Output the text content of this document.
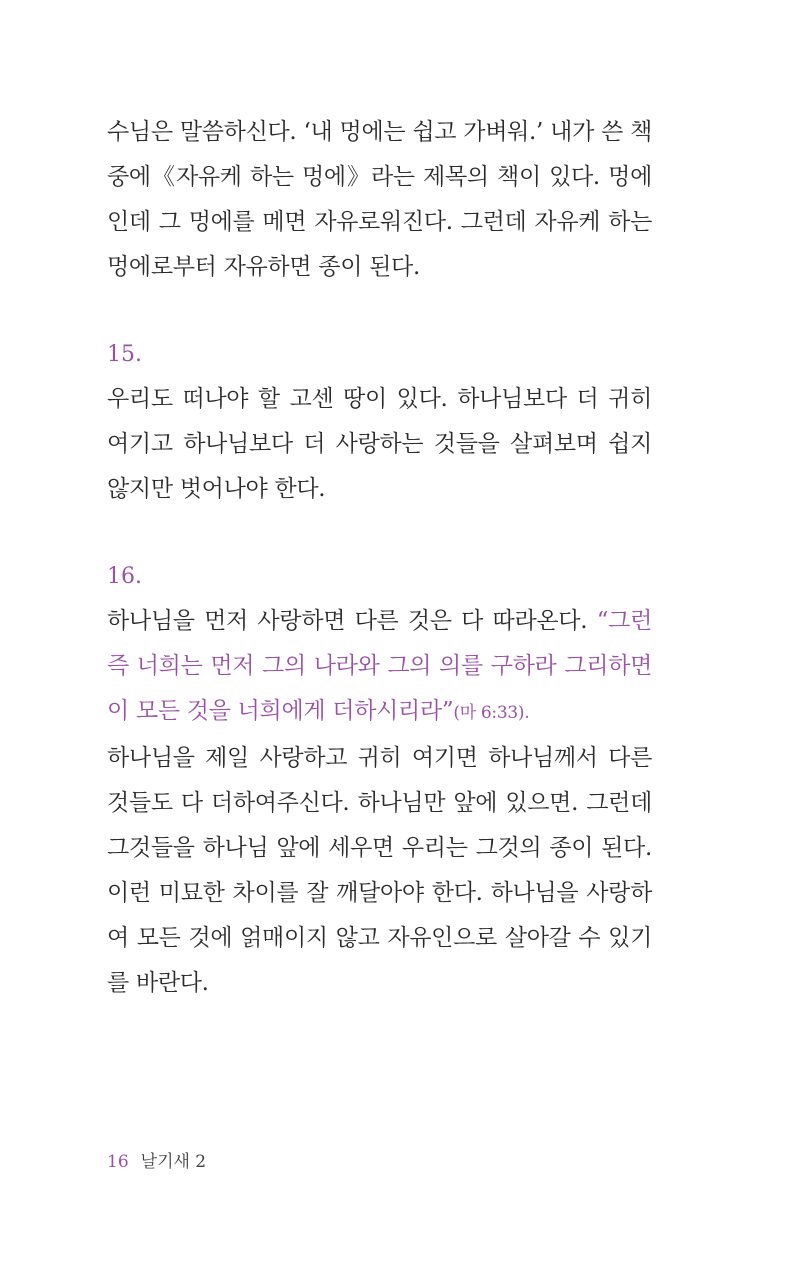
수님은 말씀하신다. ‘내 멍에는 쉽고 가벼워.’ 내가 쓴 책 중에《자유케 하는 멍에》라는 제목의 책이 있다. 멍에인데 그 멍에를 메면 자유로워진다. 그런데 자유케 하는 멍에로부터 자유하면 종이 된다.

15.

우리도 떠나야 할 고센 땅이 있다. 하나님보다 더 귀히 여기고 하나님보다 더 사랑하는 것들을 살펴보며 쉽지 않지만 벗어나야 한다.

16.

하나님을 먼저 사랑하면 다른 것은 다 따라온다. “그런즉 너희는 먼저 그의 나라와 그의 의를 구하라 그리하면 이 모든 것을 너희에게 더하시리라”(마 6:33).

하나님을 제일 사랑하고 귀히 여기면 하나님께서 다른 것들도 다 더하여주신다. 하나님만 앞에 있으면. 그런데 그것들을 하나님 앞에 세우면 우리는 그것의 종이 된다. 이런 미묘한 차이를 잘 깨달아야 한다. 하나님을 사랑하여 모든 것에 얽매이지 않고 자유인으로 살아갈 수 있기를 바란다.

16 날기새 2
